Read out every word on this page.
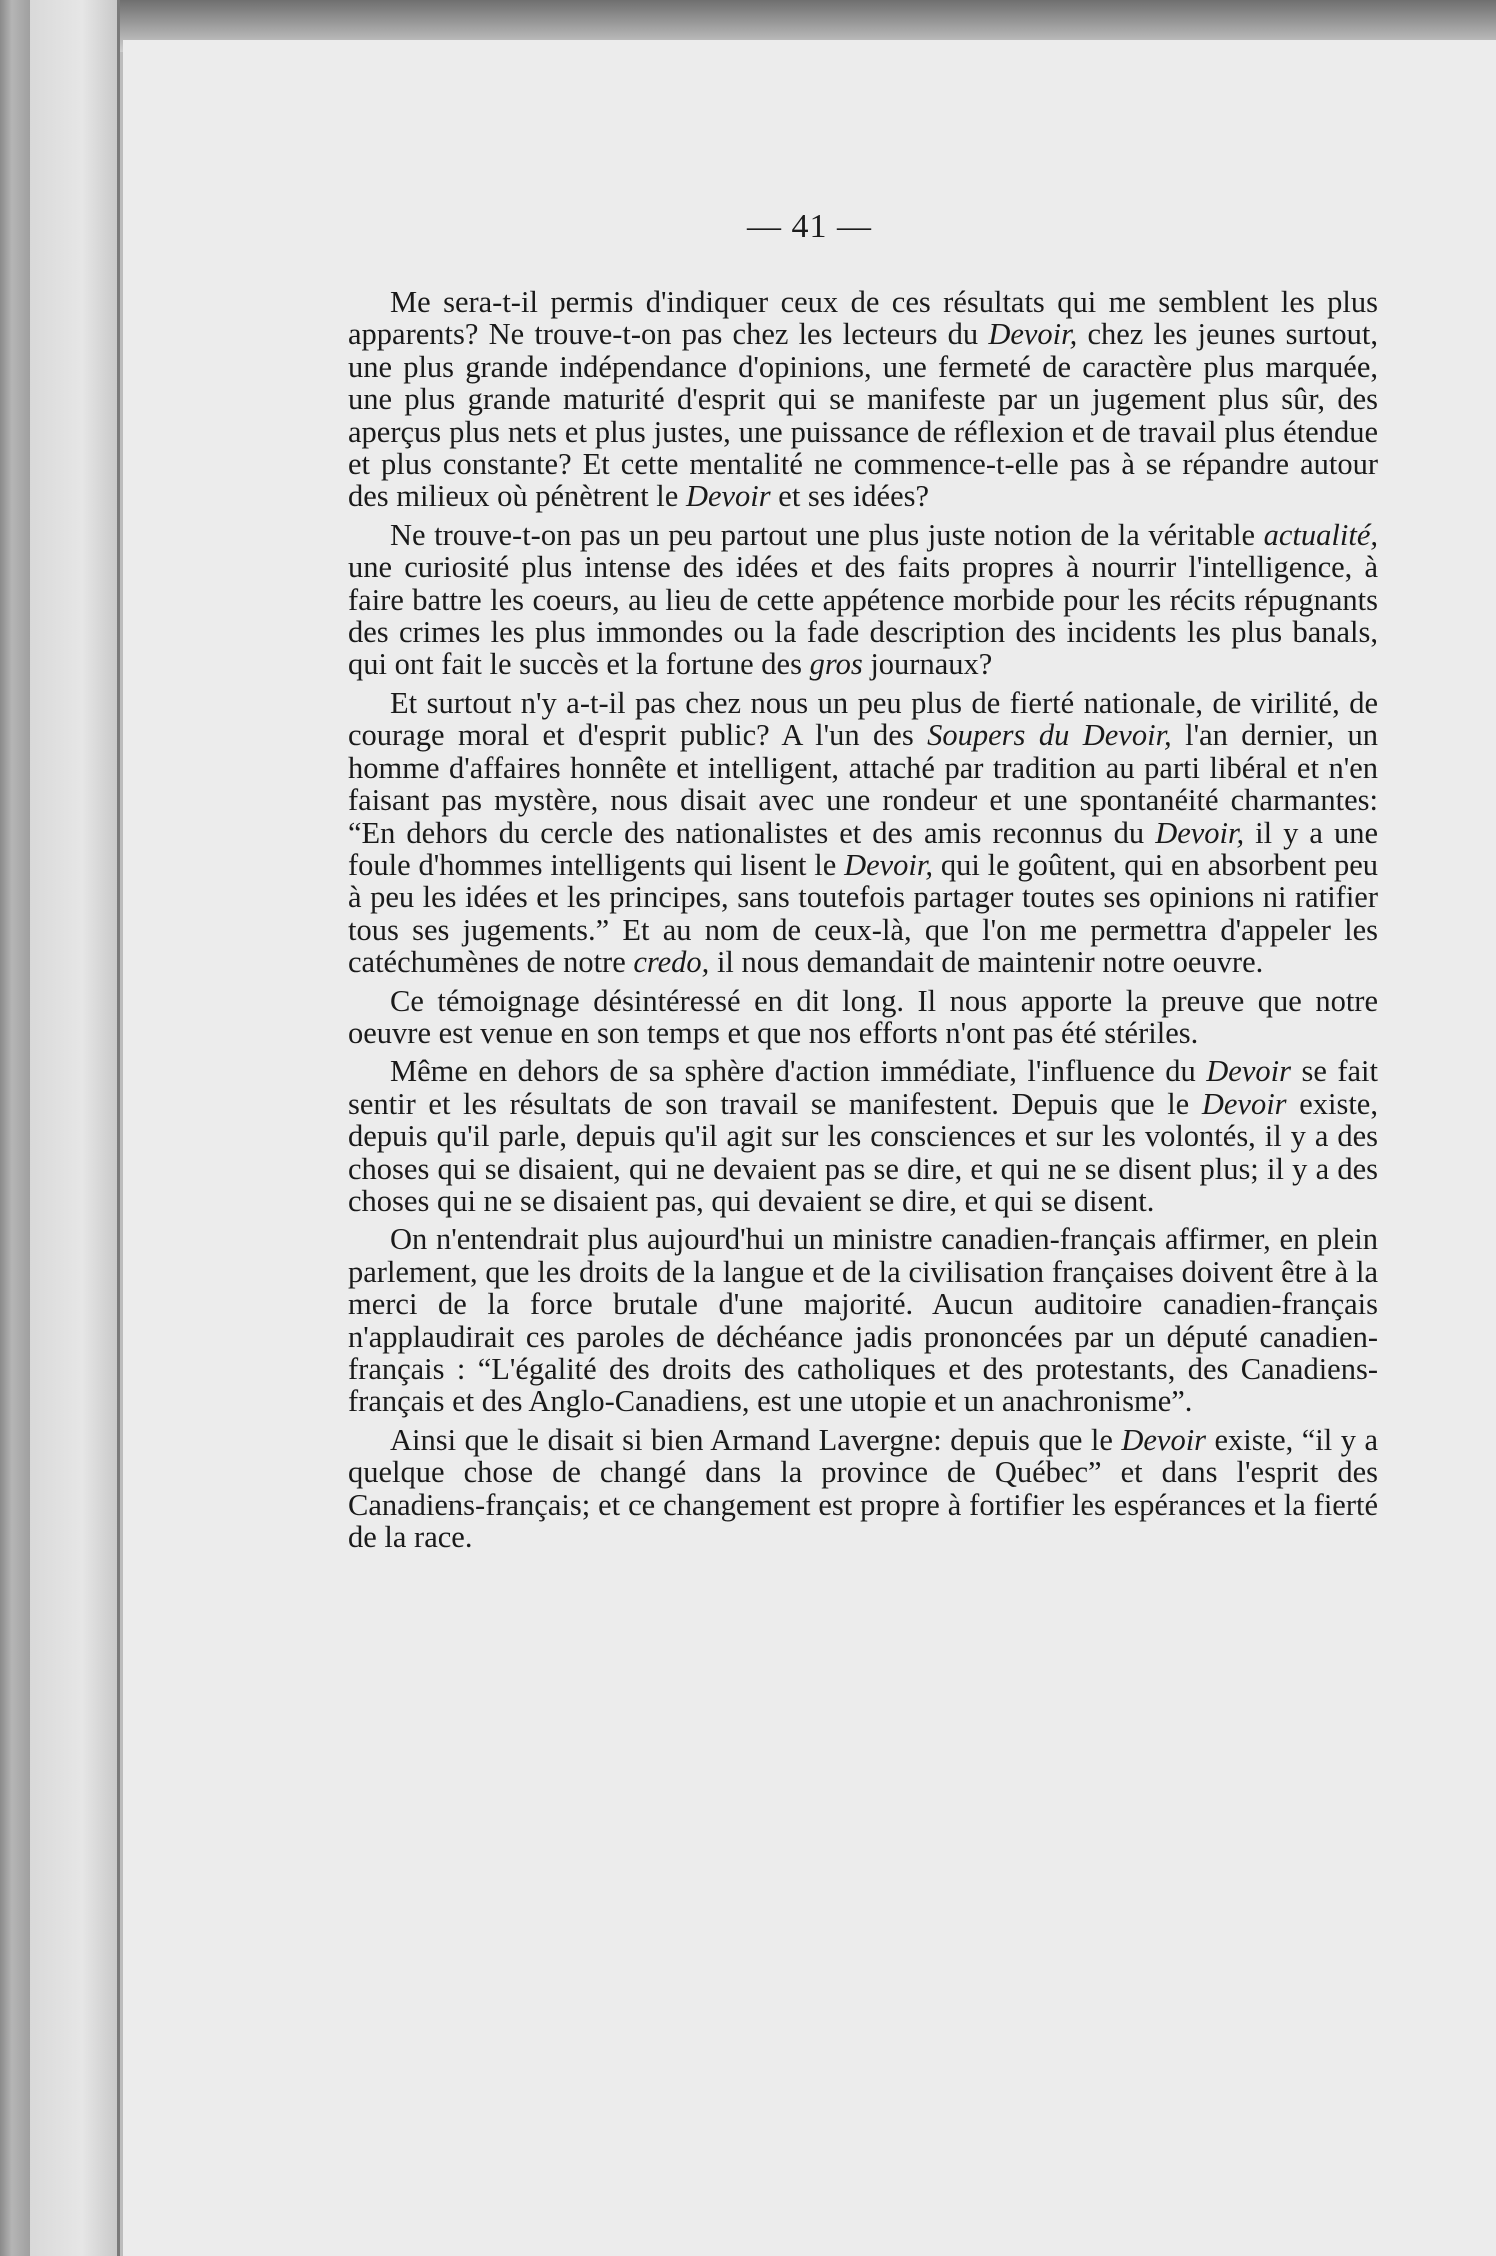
— 41 —

Me sera-t-il permis d'indiquer ceux de ces résultats qui me semblent les plus apparents? Ne trouve-t-on pas chez les lecteurs du Devoir, chez les jeunes surtout, une plus grande indépendance d'opinions, une fermeté de caractère plus marquée, une plus grande maturité d'esprit qui se manifeste par un jugement plus sûr, des aperçus plus nets et plus justes, une puissance de réflexion et de travail plus étendue et plus constante? Et cette mentalité ne commence-t-elle pas à se répandre autour des milieux où pénètrent le Devoir et ses idées?

Ne trouve-t-on pas un peu partout une plus juste notion de la véritable actualité, une curiosité plus intense des idées et des faits propres à nourrir l'intelligence, à faire battre les coeurs, au lieu de cette appétence morbide pour les récits répugnants des crimes les plus immondes ou la fade description des incidents les plus banals, qui ont fait le succès et la fortune des gros journaux?

Et surtout n'y a-t-il pas chez nous un peu plus de fierté nationale, de virilité, de courage moral et d'esprit public? A l'un des Soupers du Devoir, l'an dernier, un homme d'affaires honnête et intelligent, attaché par tradition au parti libéral et n'en faisant pas mystère, nous disait avec une rondeur et une spontanéité charmantes: “En dehors du cercle des nationalistes et des amis reconnus du Devoir, il y a une foule d'hommes intelligents qui lisent le Devoir, qui le goûtent, qui en absorbent peu à peu les idées et les principes, sans toutefois partager toutes ses opinions ni ratifier tous ses jugements.” Et au nom de ceux-là, que l'on me permettra d'appeler les catéchumènes de notre credo, il nous demandait de maintenir notre oeuvre.

Ce témoignage désintéressé en dit long. Il nous apporte la preuve que notre oeuvre est venue en son temps et que nos efforts n'ont pas été stériles.

Même en dehors de sa sphère d'action immédiate, l'influence du Devoir se fait sentir et les résultats de son travail se manifestent. Depuis que le Devoir existe, depuis qu'il parle, depuis qu'il agit sur les consciences et sur les volontés, il y a des choses qui se disaient, qui ne devaient pas se dire, et qui ne se disent plus; il y a des choses qui ne se disaient pas, qui devaient se dire, et qui se disent.

On n'entendrait plus aujourd'hui un ministre canadien-français affirmer, en plein parlement, que les droits de la langue et de la civilisation françaises doivent être à la merci de la force brutale d'une majorité. Aucun auditoire canadien-français n'applaudirait ces paroles de déchéance jadis prononcées par un député canadien-français : “L'égalité des droits des catholiques et des protestants, des Canadiens-français et des Anglo-Canadiens, est une utopie et un anachronisme”.

Ainsi que le disait si bien Armand Lavergne: depuis que le Devoir existe, “il y a quelque chose de changé dans la province de Québec” et dans l'esprit des Canadiens-français; et ce changement est propre à fortifier les espérances et la fierté de la race.
